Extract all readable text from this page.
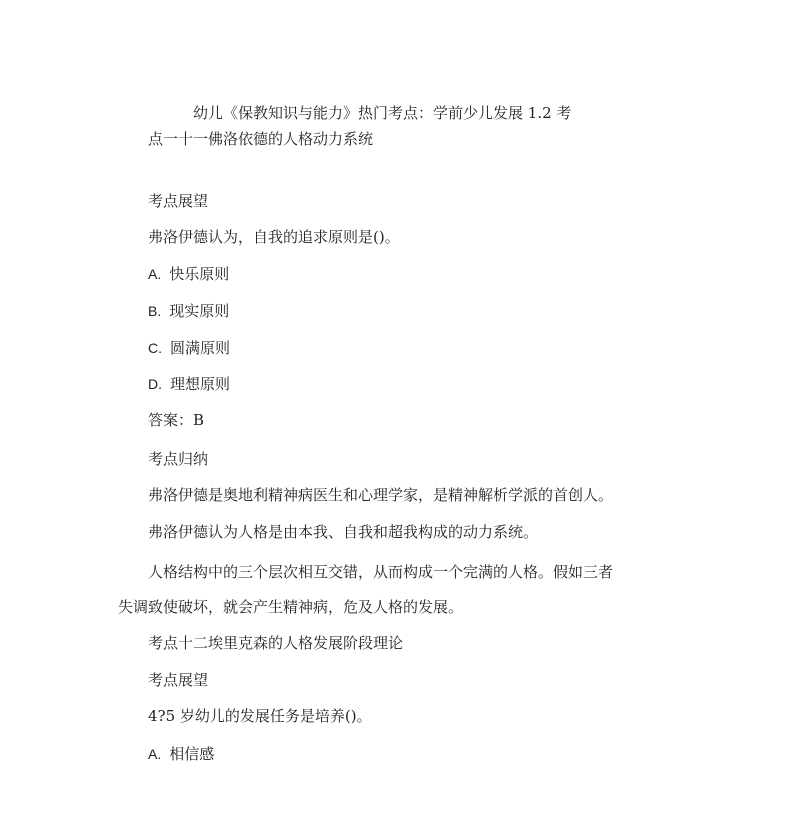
幼儿《保教知识与能力》热门考点：学前少儿发展 1.2 考
点一十一佛洛依德的人格动力系统
考点展望
弗洛伊德认为，自我的追求原则是()。
A. 快乐原则
B. 现实原则
C. 圆满原则
D. 理想原则
答案：B
考点归纳
弗洛伊德是奥地利精神病医生和心理学家，是精神解析学派的首创人。
弗洛伊德认为人格是由本我、自我和超我构成的动力系统。
人格结构中的三个层次相互交错，从而构成一个完满的人格。假如三者
失调致使破坏，就会产生精神病，危及人格的发展。
考点十二埃里克森的人格发展阶段理论
考点展望
4?5 岁幼儿的发展任务是培养()。
A. 相信感
